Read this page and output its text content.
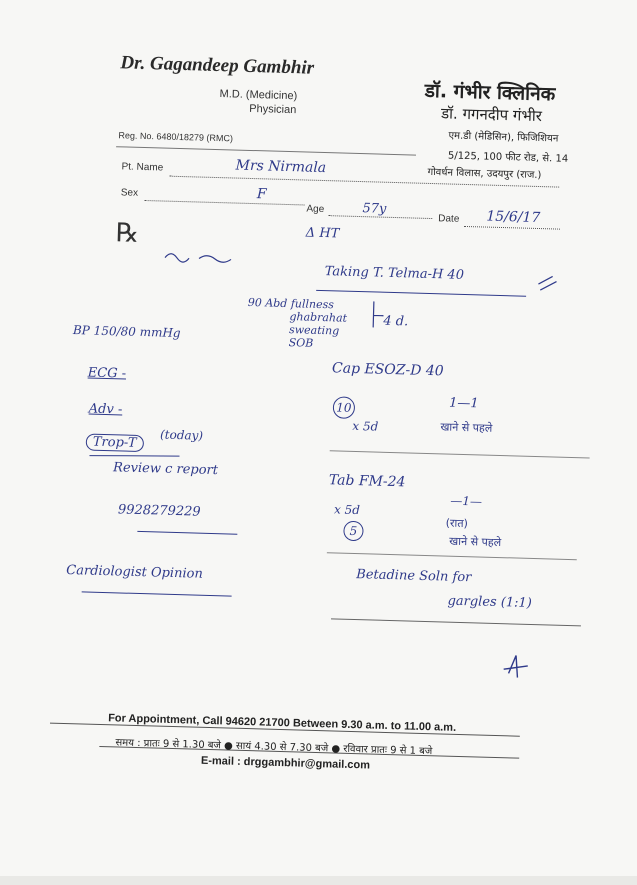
Dr. Gagandeep Gambhir
M.D. (Medicine)
Physician
डॉ. गंभीर क्लिनिक
डॉ. गगनदीप गंभीर
एम.डी (मेडिसिन), फिजिशियन
5/125, 100 फीट रोड, से. 14
गोवर्धन विलास, उदयपुर (राज.)
Reg. No. 6480/18279 (RMC)
Pt. Name	Mrs Nirmala
Sex	F
Age	57y
Date 15/6/17
℞
BP 150/80 mmHg
ECG -
Adv -
Trop-T	(today)
Review c report
9928279229
Cardiologist Opinion
Δ HT
Taking T. Telma-H 40
90 Abd fullness
ghabrahat
sweating
SOB
4 d.
Cap ESOZ-D 40
1—1
10
x 5d	खाने से पहले
Tab FM-24
—1—
x 5d
5
(रात)
खाने से पहले
Betadine Soln for
gargles (1:1)
For Appointment, Call 94620 21700 Between 9.30 a.m. to 11.00 a.m.
समय : प्रातः 9 से 1.30 बजे ● सायं 4.30 से 7.30 बजे ● रविवार प्रातः 9 से 1 बजे
E-mail : drggambhir@gmail.com
